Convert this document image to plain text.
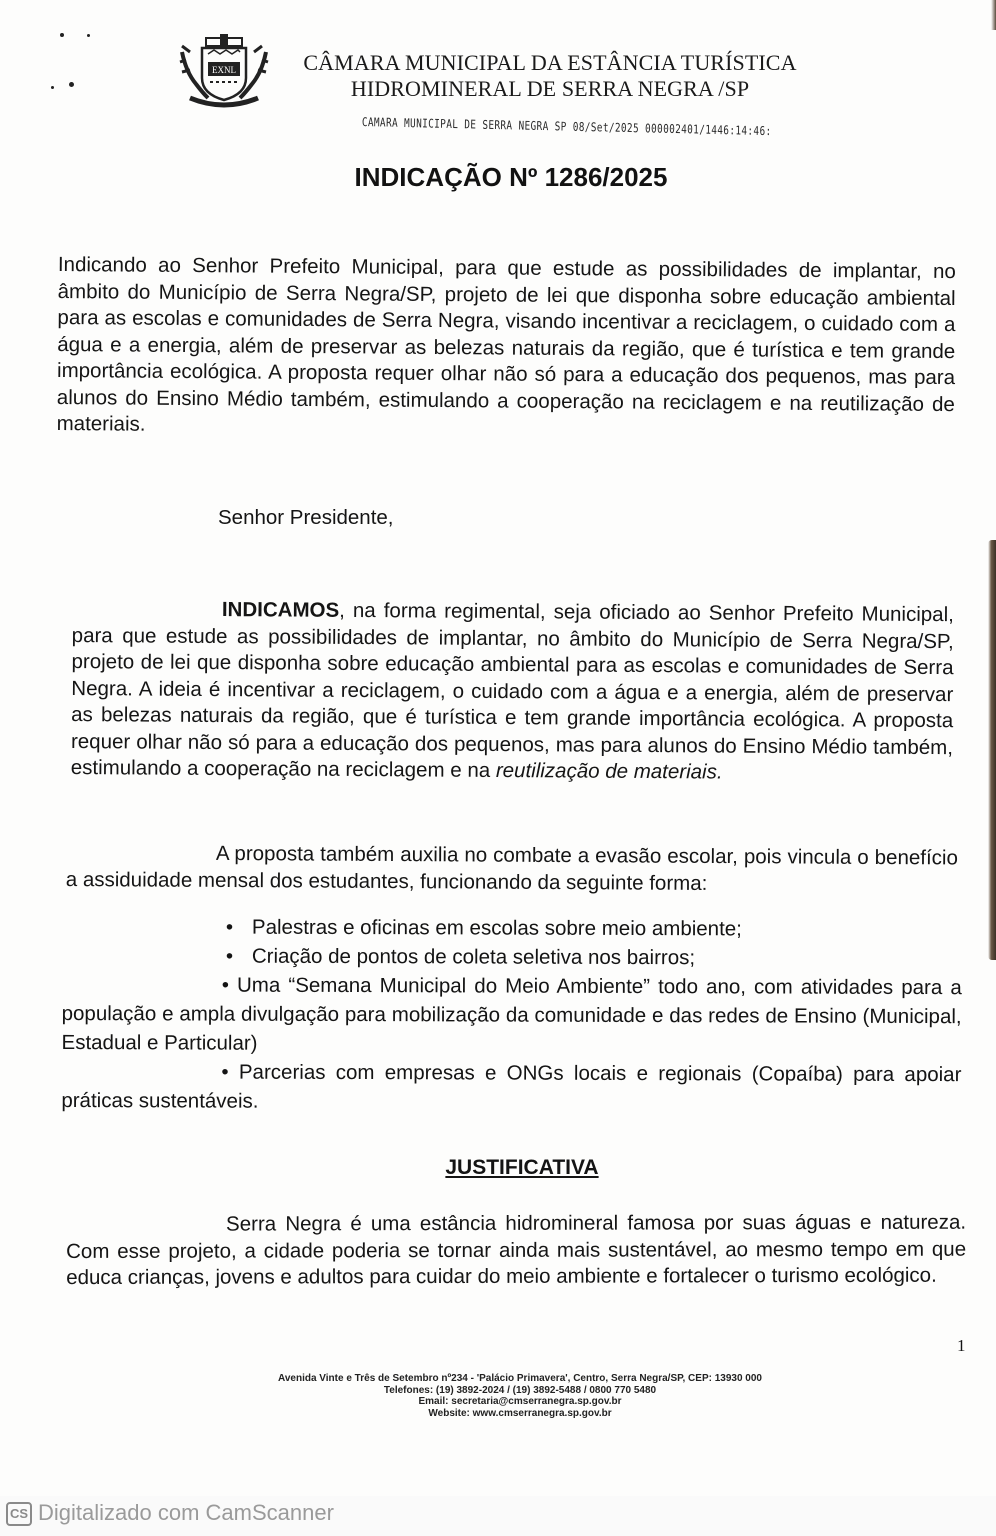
EXNL	CÂMARA MUNICIPAL DA ESTÂNCIA TURÍSTICA
HIDROMINERAL DE SERRA NEGRA /SP
CAMARA MUNICIPAL DE SERRA NEGRA SP 08/Set/2025 000002401/1446:14:46:
INDICAÇÃO Nº 1286/2025

Indicando ao Senhor Prefeito Municipal, para que estude as possibilidades de implantar, no âmbito do Município de Serra Negra/SP, projeto de lei que disponha sobre educação ambiental para as escolas e comunidades de Serra Negra, visando incentivar a reciclagem, o cuidado com a água e a energia, além de preservar as belezas naturais da região, que é turística e tem grande importância ecológica. A proposta requer olhar não só para a educação dos pequenos, mas para alunos do Ensino Médio também, estimulando a cooperação na reciclagem e na reutilização de materiais.

Senhor Presidente,

INDICAMOS, na forma regimental, seja oficiado ao Senhor Prefeito Municipal, para que estude as possibilidades de implantar, no âmbito do Município de Serra Negra/SP, projeto de lei que disponha sobre educação ambiental para as escolas e comunidades de Serra Negra. A ideia é incentivar a reciclagem, o cuidado com a água e a energia, além de preservar as belezas naturais da região, que é turística e tem grande importância ecológica. A proposta requer olhar não só para a educação dos pequenos, mas para alunos do Ensino Médio também, estimulando a cooperação na reciclagem e na reutilização de materiais.

A proposta também auxilia no combate a evasão escolar, pois vincula o benefício a assiduidade mensal dos estudantes, funcionando da seguinte forma:

• Palestras e oficinas em escolas sobre meio ambiente;
• Criação de pontos de coleta seletiva nos bairros;
• Uma “Semana Municipal do Meio Ambiente” todo ano, com atividades para a população e ampla divulgação para mobilização da comunidade e das redes de Ensino (Municipal, Estadual e Particular)
• Parcerias com empresas e ONGs locais e regionais (Copaíba) para apoiar práticas sustentáveis.
JUSTIFICATIVA

Serra Negra é uma estância hidromineral famosa por suas águas e natureza. Com esse projeto, a cidade poderia se tornar ainda mais sustentável, ao mesmo tempo em que educa crianças, jovens e adultos para cuidar do meio ambiente e fortalecer o turismo ecológico.

1
Avenida Vinte e Três de Setembro nº234 - 'Palácio Primavera', Centro, Serra Negra/SP, CEP: 13930 000
Telefones: (19) 3892-2024 / (19) 3892-5488 / 0800 770 5480
Email: secretaria@cmserranegra.sp.gov.br
Website: www.cmserranegra.sp.gov.br
CS Digitalizado com CamScanner
